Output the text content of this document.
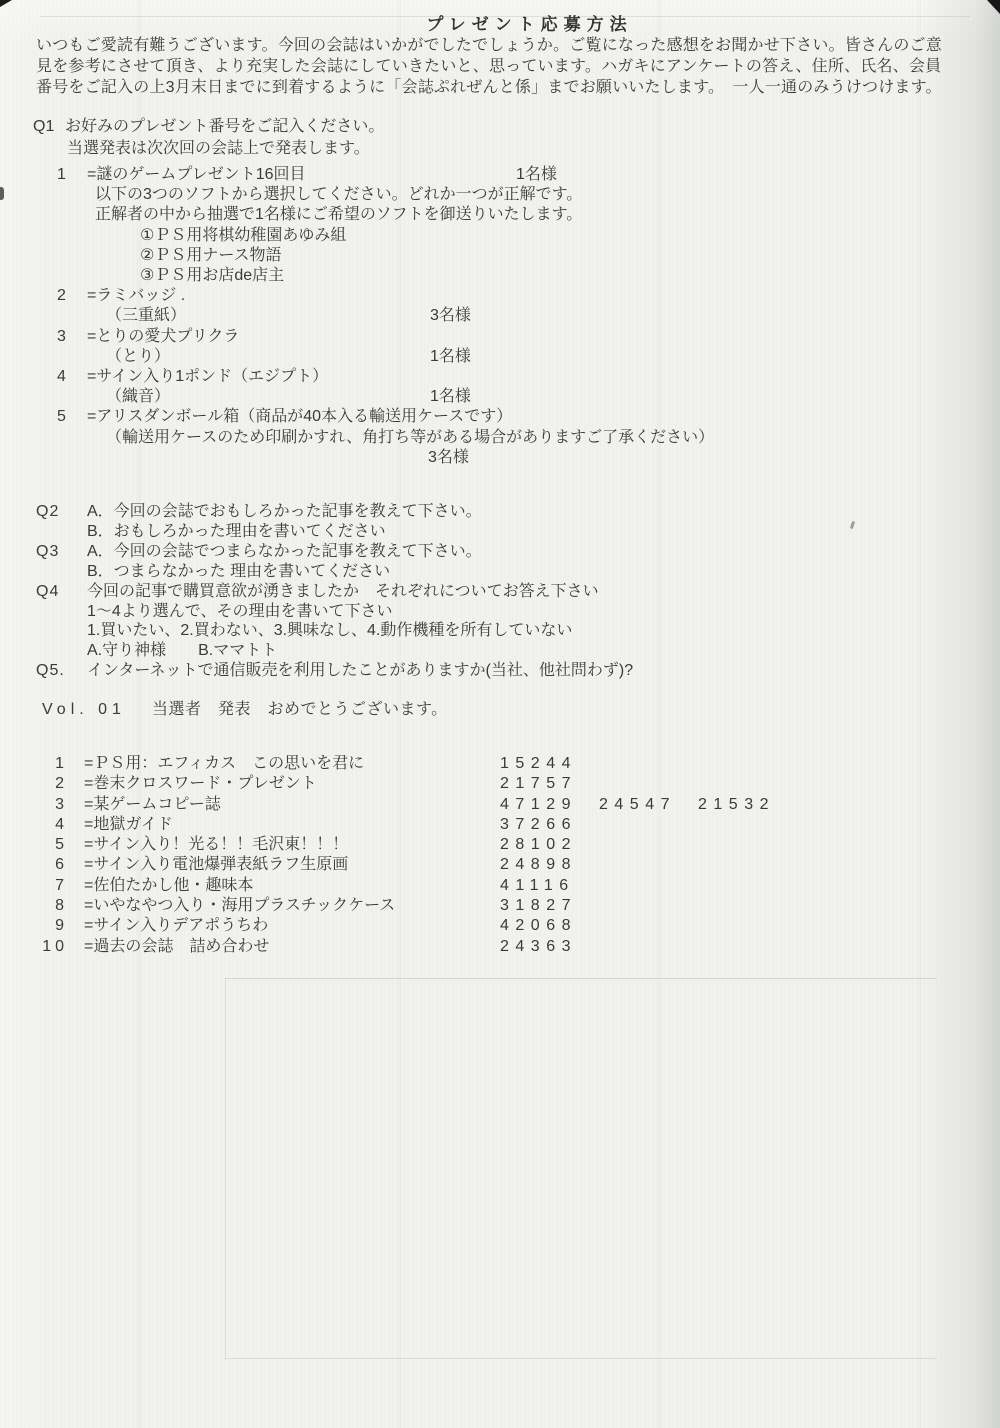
プレゼント応募方法
いつもご愛読有難うございます。今回の会誌はいかがでしたでしょうか。ご覧になった感想をお聞かせ下さい。皆さんのご意
見を参考にさせて頂き、より充実した会誌にしていきたいと、思っています。ハガキにアンケートの答え、住所、氏名、会員
番号をご記入の上3月末日までに到着するように「会誌ぷれぜんと係」までお願いいたします。　一人一通のみうけつけます。
Q1 お好みのプレゼント番号をご記入ください。
当選発表は次次回の会誌上で発表します。
1 =謎のゲームプレゼント16回目	1名様
以下の3つのソフトから選択してください。どれか一つが正解です。
正解者の中から抽選で1名様にご希望のソフトを御送りいたします。
①ＰＳ用将棋幼稚園あゆみ組
②ＰＳ用ナース物語
③ＰＳ用お店de店主
2 =ラミバッジ .
（三重紙）	3名様
3 =とりの愛犬プリクラ
（とり）	1名様
4 =サイン入り1ポンド（エジプト）
（織音）	1名様
5 =アリスダンボール箱（商品が40本入る輸送用ケースです）
（輸送用ケースのため印刷かすれ、角打ち等がある場合がありますご了承ください）
3名様
Q2 A．今回の会誌でおもしろかった記事を教えて下さい。
B．おもしろかった理由を書いてください
Q3 A．今回の会誌でつまらなかった記事を教えて下さい。
B．つまらなかった 理由を書いてください
Q4 今回の記事で購買意欲が湧きましたか　それぞれについてお答え下さい
1～4より選んで、その理由を書いて下さい
1.買いたい、2.買わない、3.興味なし、4.動作機種を所有していない
A.守り神様　　B.ママトト
Q5. インターネットで通信販売を利用したことがありますか(当社、他社問わず)?
Vol. 01 当選者　発表　おめでとうございます。
1 =ＰＳ用：エフィカス　この思いを君に	15244
2 =巻末クロスワード・プレゼント	21757
3 =某ゲームコピー誌	47129 24547 21532
4 =地獄ガイド	37266
5 =サイン入り！光る！！毛沢東！！！	28102
6 =サイン入り電池爆弾表紙ラフ生原画	24898
7 =佐伯たかし他・趣味本	41116
8 =いやなやつ入り・海用プラスチックケース	31827
9 =サイン入りデアポうちわ	42068
10 =過去の会誌　詰め合わせ	24363
